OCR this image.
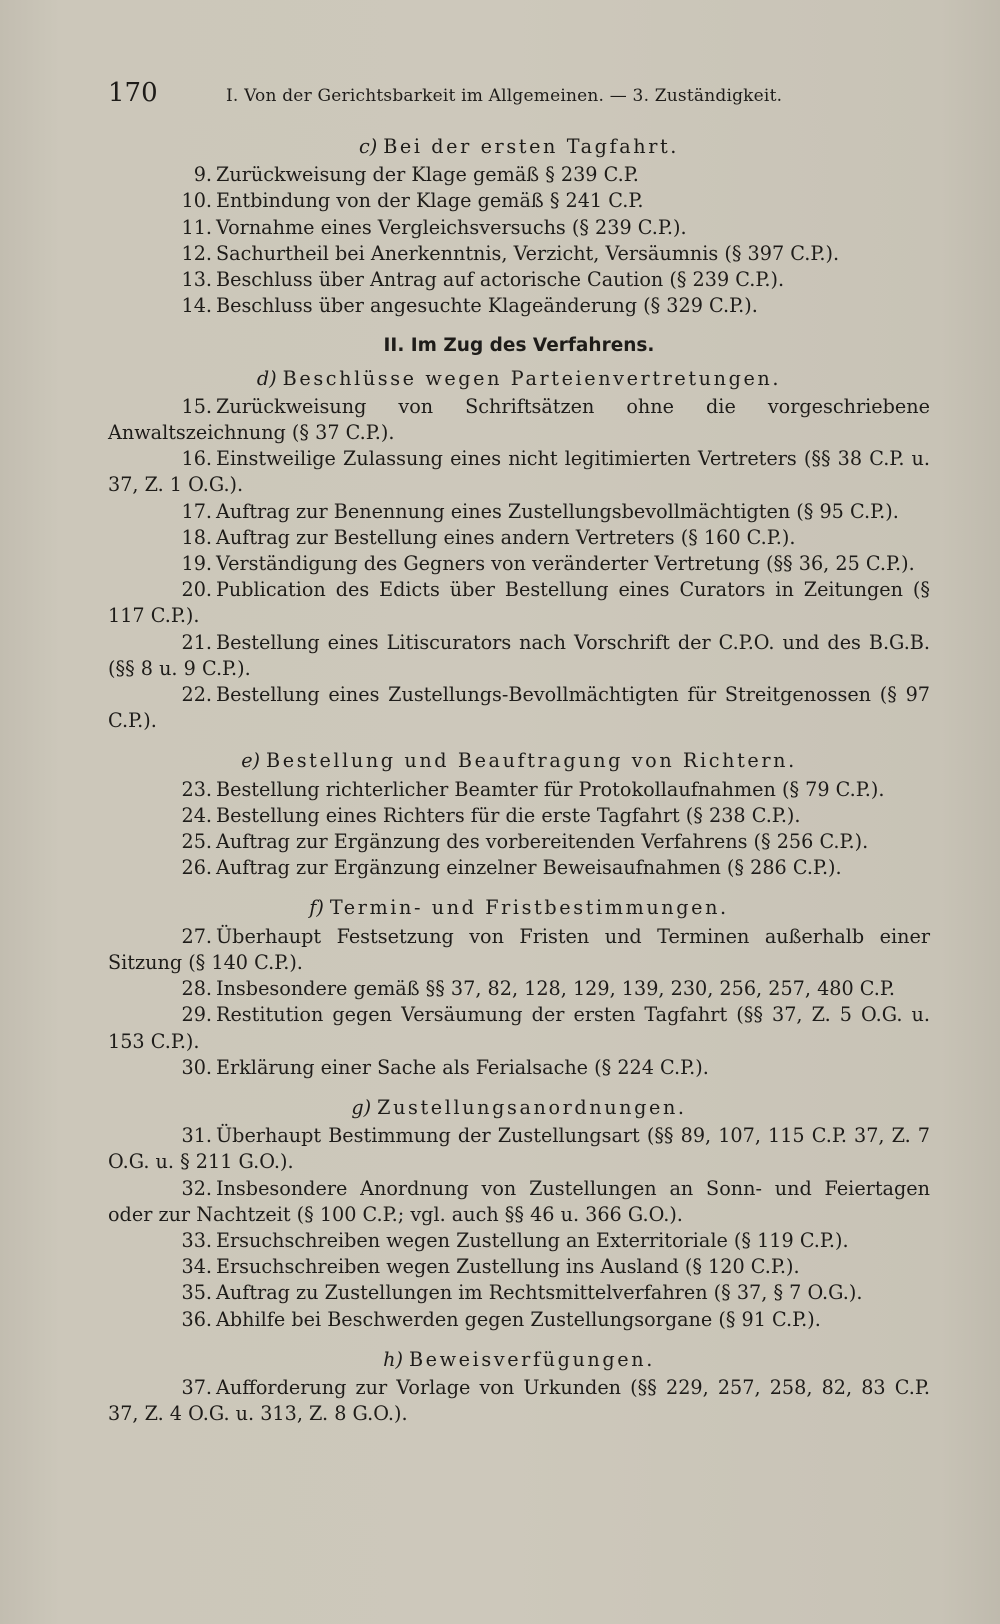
170	I. Von der Gerichtsbarkeit im Allgemeinen. — 3. Zuständigkeit.
c) Bei der ersten Tagfahrt.
9. Zurückweisung der Klage gemäß § 239 C.P.
10. Entbindung von der Klage gemäß § 241 C.P.
11. Vornahme eines Vergleichsversuchs (§ 239 C.P.).
12. Sachurtheil bei Anerkenntnis, Verzicht, Versäumnis (§ 397 C.P.).
13. Beschluss über Antrag auf actorische Caution (§ 239 C.P.).
14. Beschluss über angesuchte Klageänderung (§ 329 C.P.).
II. Im Zug des Verfahrens.
d) Beschlüsse wegen Parteienvertretungen.
15. Zurückweisung von Schriftsätzen ohne die vorgeschriebene Anwaltszeichnung (§ 37 C.P.).
16. Einstweilige Zulassung eines nicht legitimierten Vertreters (§§ 38 C.P. u. 37, Z. 1 O.G.).
17. Auftrag zur Benennung eines Zustellungsbevollmächtigten (§ 95 C.P.).
18. Auftrag zur Bestellung eines andern Vertreters (§ 160 C.P.).
19. Verständigung des Gegners von veränderter Vertretung (§§ 36, 25 C.P.).
20. Publication des Edicts über Bestellung eines Curators in Zeitungen (§ 117 C.P.).
21. Bestellung eines Litiscurators nach Vorschrift der C.P.O. und des B.G.B. (§§ 8 u. 9 C.P.).
22. Bestellung eines Zustellungs-Bevollmächtigten für Streitgenossen (§ 97 C.P.).
e) Bestellung und Beauftragung von Richtern.
23. Bestellung richterlicher Beamter für Protokollaufnahmen (§ 79 C.P.).
24. Bestellung eines Richters für die erste Tagfahrt (§ 238 C.P.).
25. Auftrag zur Ergänzung des vorbereitenden Verfahrens (§ 256 C.P.).
26. Auftrag zur Ergänzung einzelner Beweisaufnahmen (§ 286 C.P.).
f) Termin- und Fristbestimmungen.
27. Überhaupt Festsetzung von Fristen und Terminen außerhalb einer Sitzung (§ 140 C.P.).
28. Insbesondere gemäß §§ 37, 82, 128, 129, 139, 230, 256, 257, 480 C.P.
29. Restitution gegen Versäumung der ersten Tagfahrt (§§ 37, Z. 5 O.G. u. 153 C.P.).
30. Erklärung einer Sache als Ferialsache (§ 224 C.P.).
g) Zustellungsanordnungen.
31. Überhaupt Bestimmung der Zustellungsart (§§ 89, 107, 115 C.P. 37, Z. 7 O.G. u. § 211 G.O.).
32. Insbesondere Anordnung von Zustellungen an Sonn- und Feiertagen oder zur Nachtzeit (§ 100 C.P.; vgl. auch §§ 46 u. 366 G.O.).
33. Ersuchschreiben wegen Zustellung an Exterritoriale (§ 119 C.P.).
34. Ersuchschreiben wegen Zustellung ins Ausland (§ 120 C.P.).
35. Auftrag zu Zustellungen im Rechtsmittelverfahren (§ 37, § 7 O.G.).
36. Abhilfe bei Beschwerden gegen Zustellungsorgane (§ 91 C.P.).
h) Beweisverfügungen.
37. Aufforderung zur Vorlage von Urkunden (§§ 229, 257, 258, 82, 83 C.P. 37, Z. 4 O.G. u. 313, Z. 8 G.O.).
